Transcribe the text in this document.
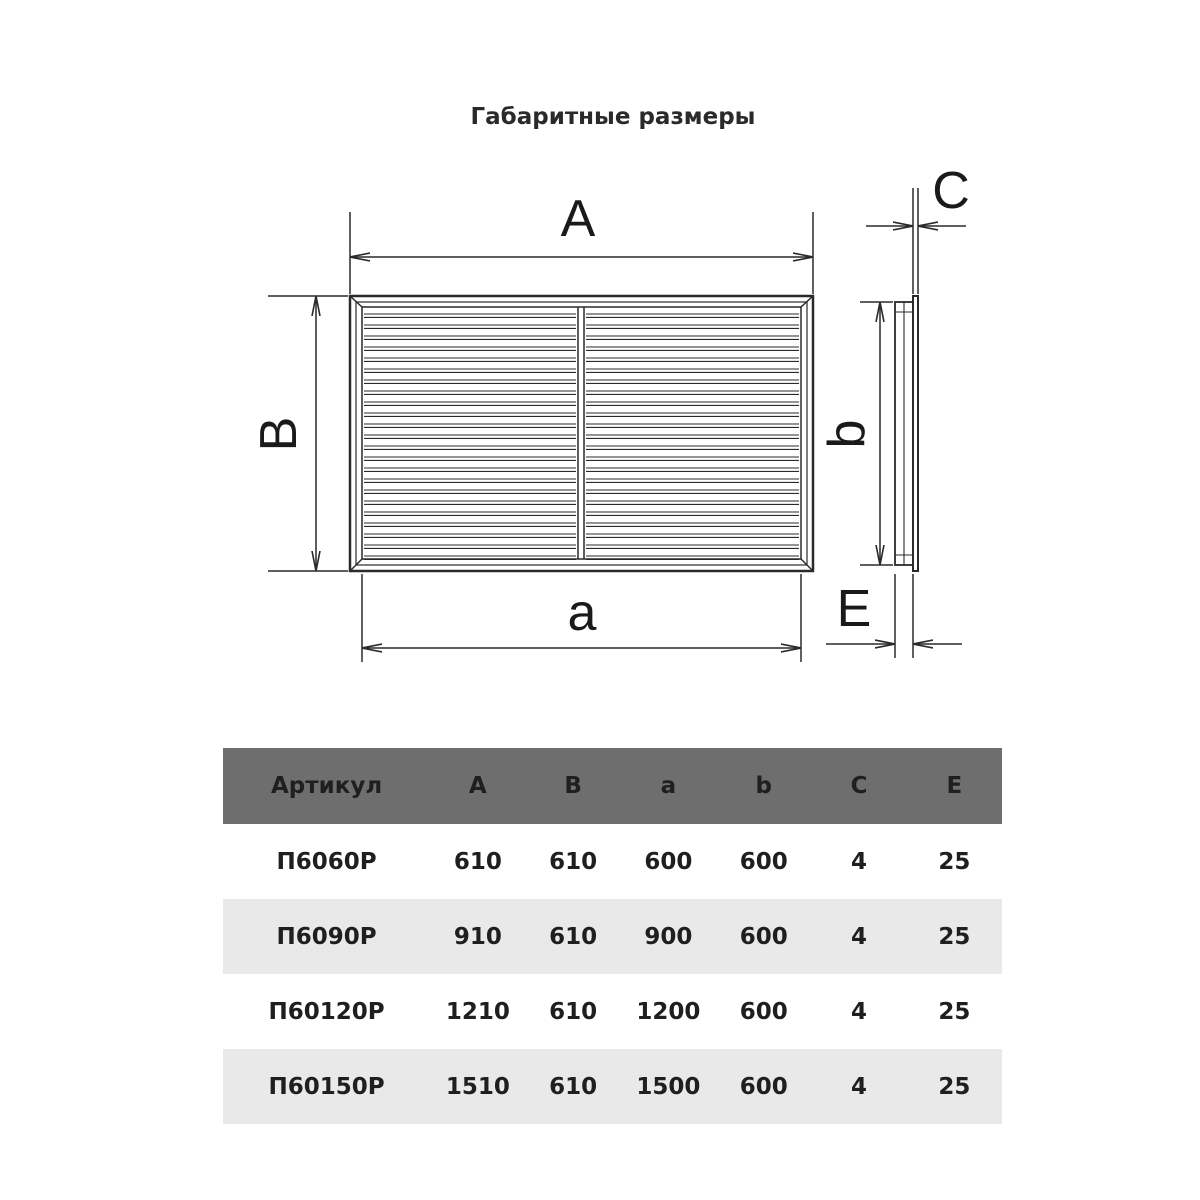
Габаритные размеры
A
a
C
E
B	b
Артикул	A	B	a	b	C	E
П6060Р	610	610	600	600	4	25
П6090Р	910	610	900	600	4	25
П60120Р	1210	610	1200	600	4	25
П60150Р	1510	610	1500	600	4	25
